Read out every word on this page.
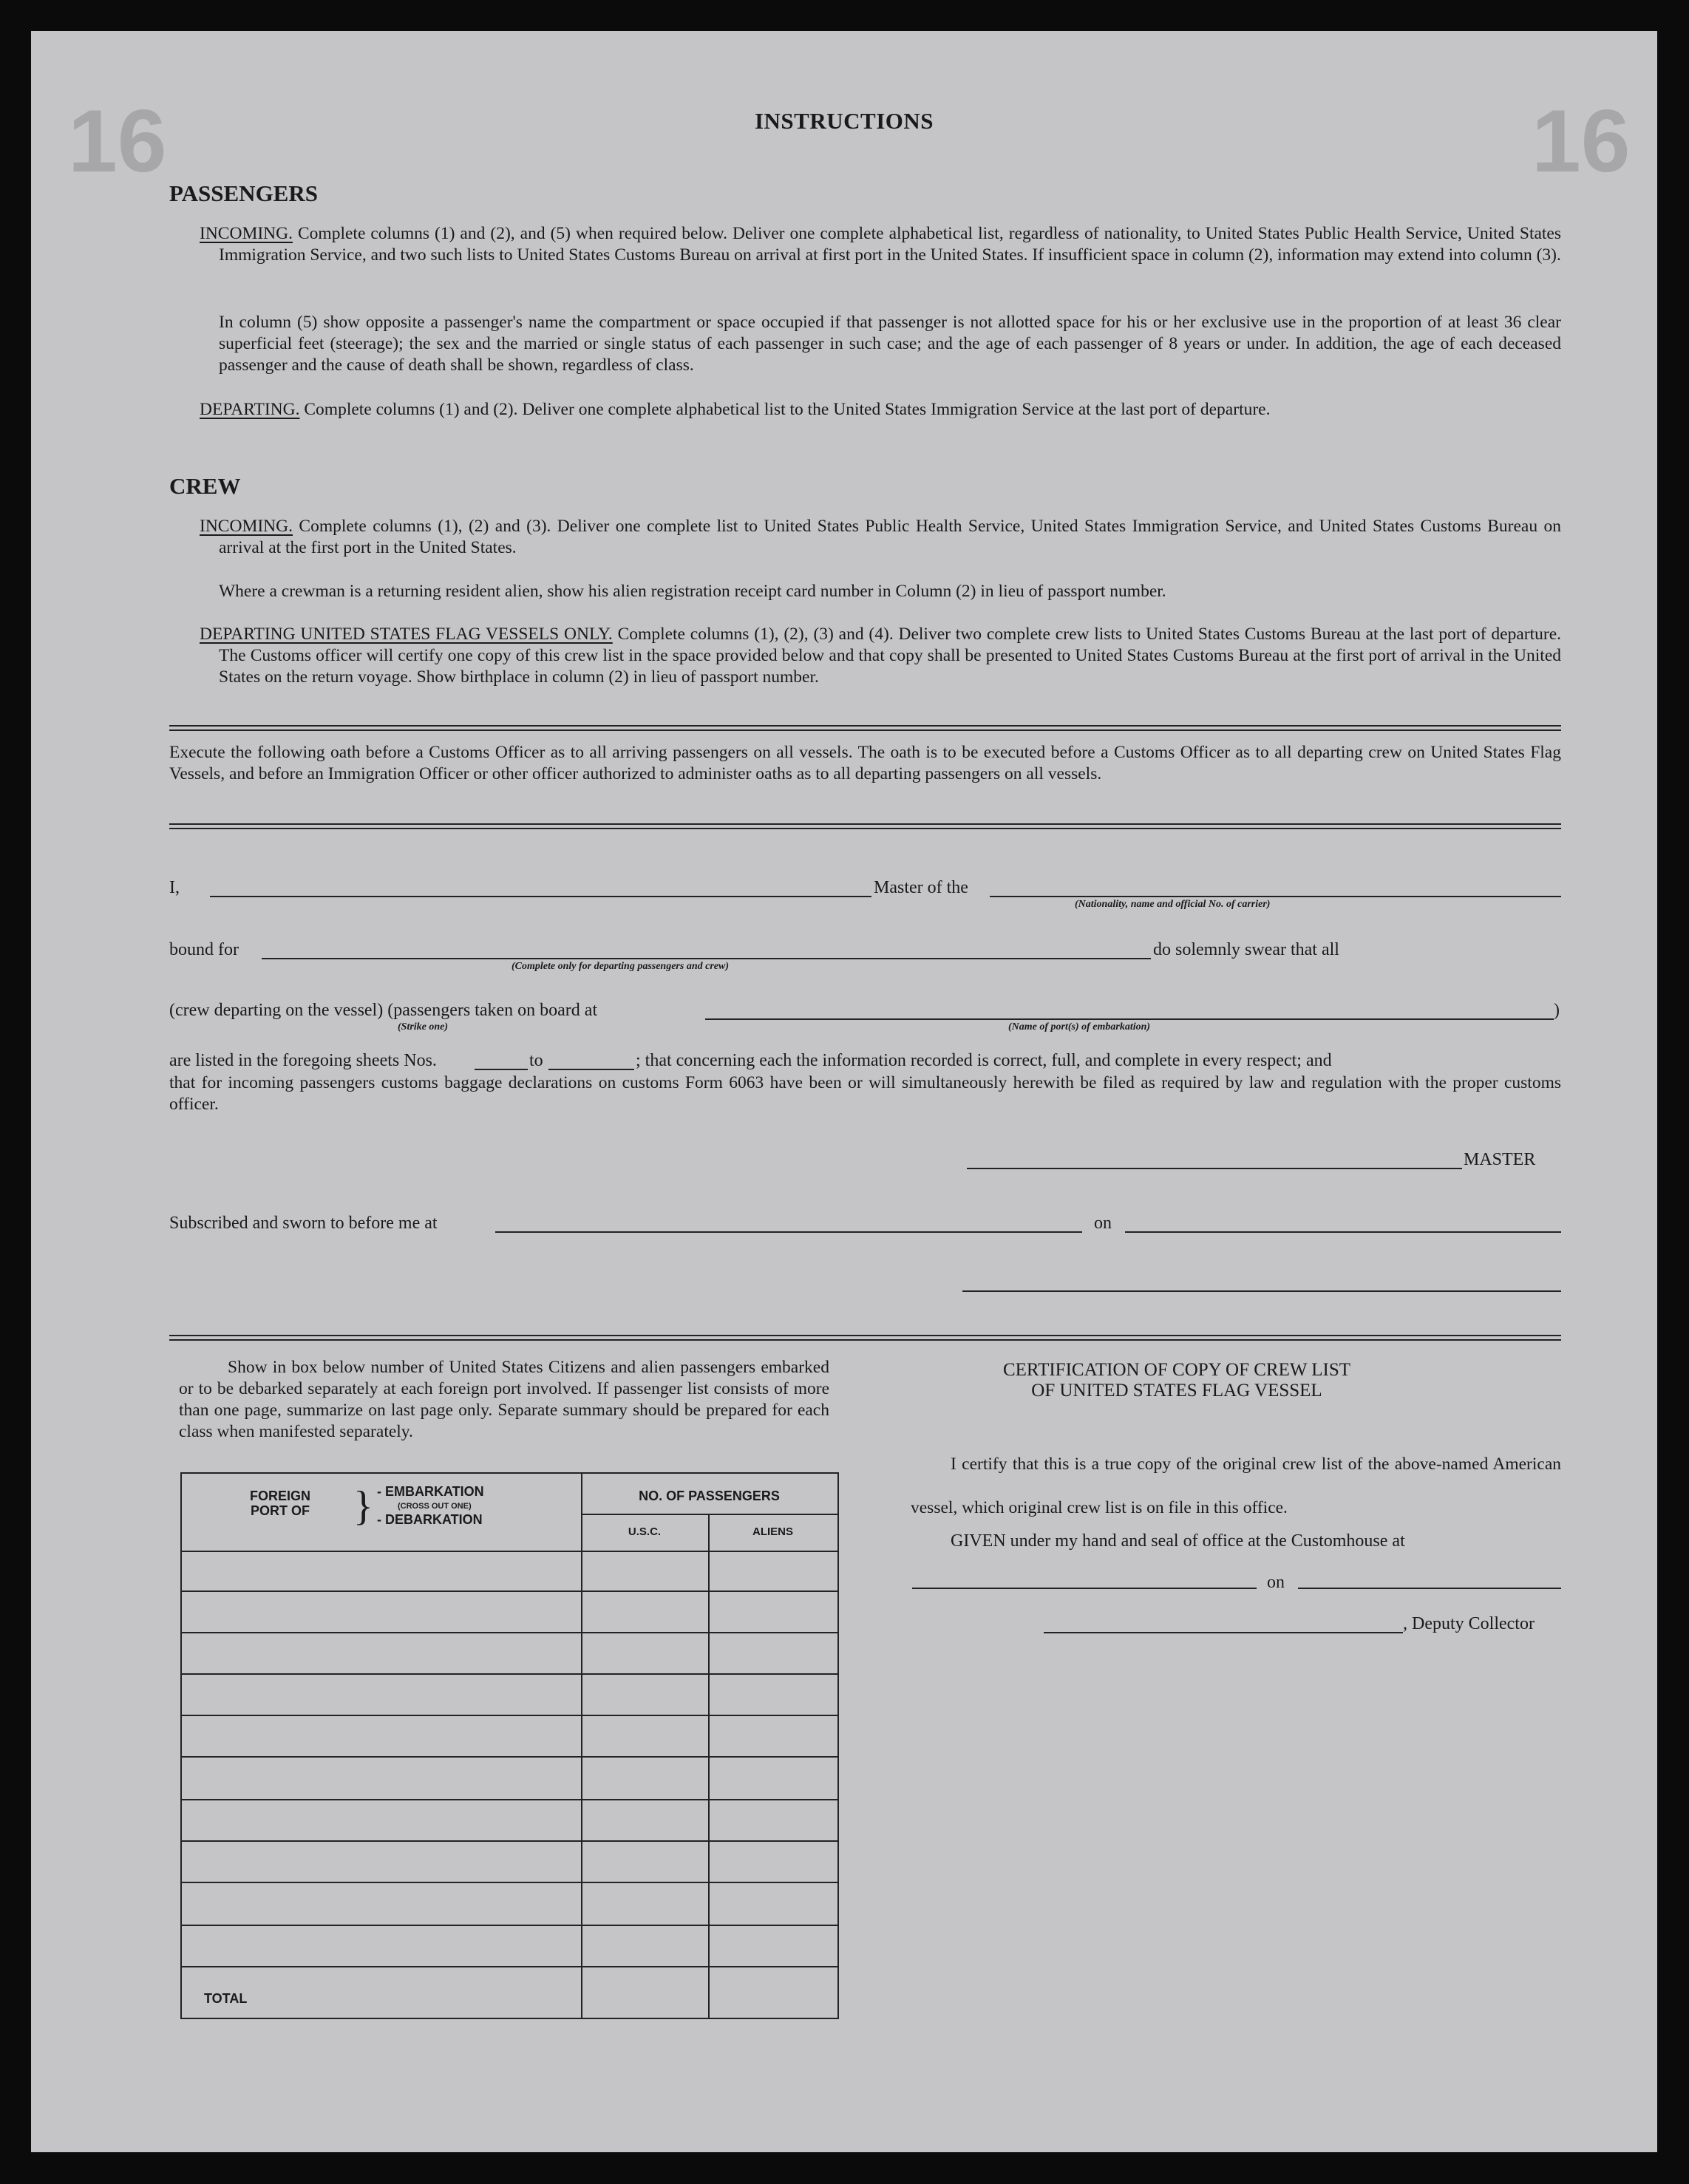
16	16
INSTRUCTIONS
PASSENGERS
INCOMING. Complete columns (1) and (2), and (5) when required below. Deliver one complete alphabetical list, regardless of nationality, to United States Public Health Service, United States Immigration Service, and two such lists to United States Customs Bureau on arrival at first port in the United States. If insufficient space in column (2), information may extend into column (3).
In column (5) show opposite a passenger's name the compartment or space occupied if that passenger is not allotted space for his or her exclusive use in the proportion of at least 36 clear superficial feet (steerage); the sex and the married or single status of each passenger in such case; and the age of each passenger of 8 years or under. In addition, the age of each deceased passenger and the cause of death shall be shown, regardless of class.
DEPARTING. Complete columns (1) and (2). Deliver one complete alphabetical list to the United States Immigration Service at the last port of departure.
CREW
INCOMING. Complete columns (1), (2) and (3). Deliver one complete list to United States Public Health Service, United States Immigration Service, and United States Customs Bureau on arrival at the first port in the United States.
Where a crewman is a returning resident alien, show his alien registration receipt card number in Column (2) in lieu of passport number.
DEPARTING UNITED STATES FLAG VESSELS ONLY. Complete columns (1), (2), (3) and (4). Deliver two complete crew lists to United States Customs Bureau at the last port of departure. The Customs officer will certify one copy of this crew list in the space provided below and that copy shall be presented to United States Customs Bureau at the first port of arrival in the United States on the return voyage. Show birthplace in column (2) in lieu of passport number.
Execute the following oath before a Customs Officer as to all arriving passengers on all vessels. The oath is to be executed before a Customs Officer as to all departing crew on United States Flag Vessels, and before an Immigration Officer or other officer authorized to administer oaths as to all departing passengers on all vessels.
I,	Master of the
(Nationality, name and official No. of carrier)
bound for
(Complete only for departing passengers and crew)
do solemnly swear that all
(crew departing on the vessel) (passengers taken on board at	)
(Strike one)	(Name of port(s) of embarkation)
are listed in the foregoing sheets Nos.	to	; that concerning each the information recorded is correct, full, and complete in every respect; and
that for incoming passengers customs baggage declarations on customs Form 6063 have been or will simultaneously herewith be filed as required by law and regulation with the proper customs officer.
MASTER
Subscribed and sworn to before me at	on
Show in box below number of United States Citizens and alien passengers embarked or to be debarked separately at each foreign port involved. If passenger list consists of more than one page, summarize on last page only. Separate summary should be prepared for each class when manifested separately.
FOREIGN PORT OF } - EMBARKATION
(CROSS OUT ONE)
- DEBARKATION
NO. OF PASSENGERS
U.S.C.	ALIENS
TOTAL
CERTIFICATION OF COPY OF CREW LIST
OF UNITED STATES FLAG VESSEL
I certify that this is a true copy of the original crew list of the above-named American vessel, which original crew list is on file in this office.
GIVEN under my hand and seal of office at the Customhouse at
on
, Deputy Collector
